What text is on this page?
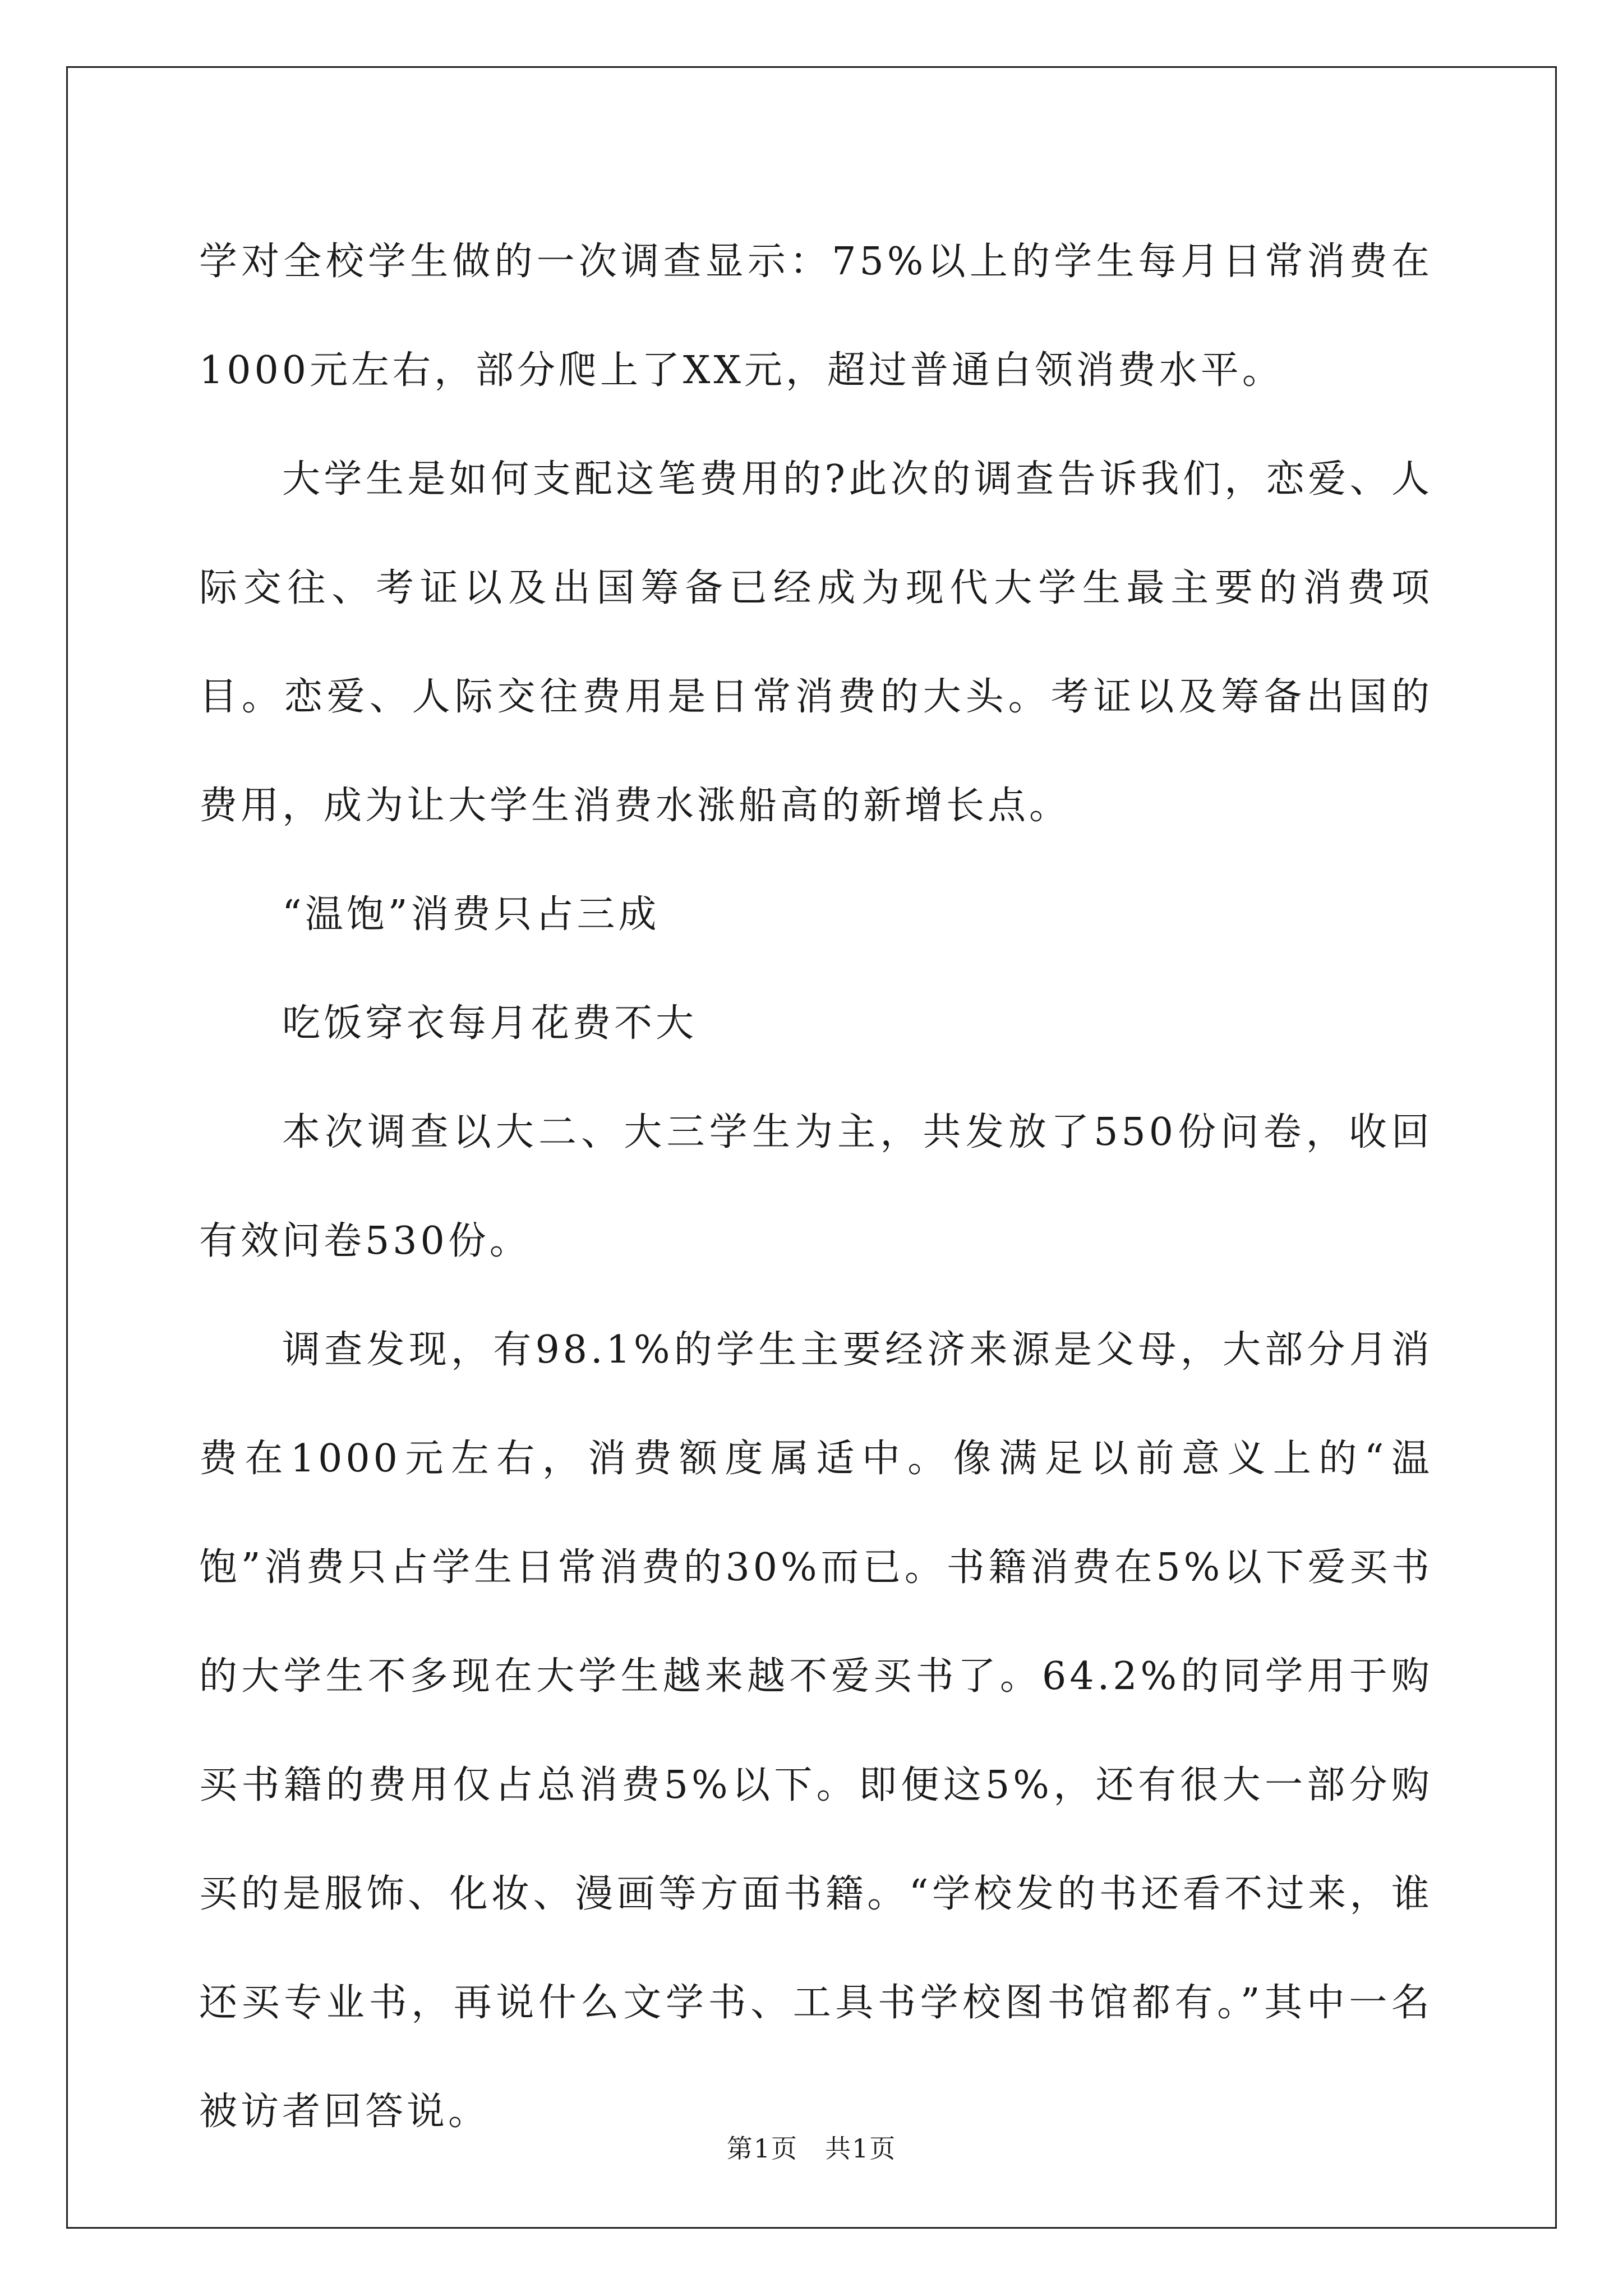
学对全校学生做的一次调查显示：75%以上的学生每月日常消费在1000元左右，部分爬上了XX元，超过普通白领消费水平。

大学生是如何支配这笔费用的?此次的调查告诉我们，恋爱、人际交往、考证以及出国筹备已经成为现代大学生最主要的消费项目。恋爱、人际交往费用是日常消费的大头。考证以及筹备出国的费用，成为让大学生消费水涨船高的新增长点。

“温饱”消费只占三成

吃饭穿衣每月花费不大

本次调查以大二、大三学生为主，共发放了550份问卷，收回有效问卷530份。

调查发现，有98.1%的学生主要经济来源是父母，大部分月消费在1000元左右，消费额度属适中。像满足以前意义上的“温饱”消费只占学生日常消费的30%而已。书籍消费在5%以下爱买书的大学生不多现在大学生越来越不爱买书了。64.2%的同学用于购买书籍的费用仅占总消费5%以下。即便这5%，还有很大一部分购买的是服饰、化妆、漫画等方面书籍。“学校发的书还看不过来，谁还买专业书，再说什么文学书、工具书学校图书馆都有。”其中一名被访者回答说。

第1页 共1页
